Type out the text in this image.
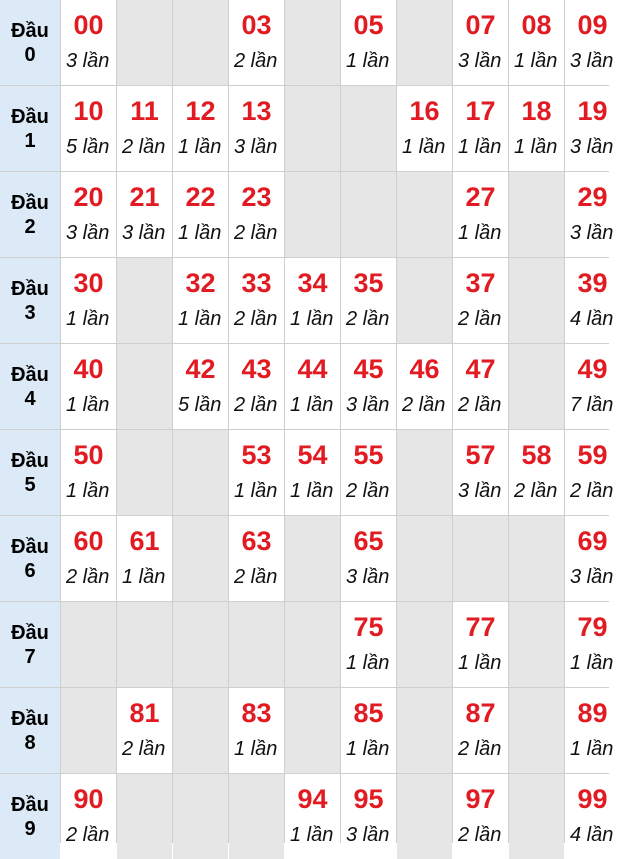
Đầu
0
00
3 lần
03
2 lần
05
1 lần
07
3 lần
08
1 lần
09
3 lần
Đầu
1
10
5 lần
11
2 lần
12
1 lần
13
3 lần
16
1 lần
17
1 lần
18
1 lần
19
3 lần
Đầu
2
20
3 lần
21
3 lần
22
1 lần
23
2 lần
27
1 lần
29
3 lần
Đầu
3
30
1 lần
32
1 lần
33
2 lần
34
1 lần
35
2 lần
37
2 lần
39
4 lần
Đầu
4
40
1 lần
42
5 lần
43
2 lần
44
1 lần
45
3 lần
46
2 lần
47
2 lần
49
7 lần
Đầu
5
50
1 lần
53
1 lần
54
1 lần
55
2 lần
57
3 lần
58
2 lần
59
2 lần
Đầu
6
60
2 lần
61
1 lần
63
2 lần
65
3 lần
69
3 lần
Đầu
7
75
1 lần
77
1 lần
79
1 lần
Đầu
8
81
2 lần
83
1 lần
85
1 lần
87
2 lần
89
1 lần
Đầu
9
90
2 lần
94
1 lần
95
3 lần
97
2 lần
99
4 lần
